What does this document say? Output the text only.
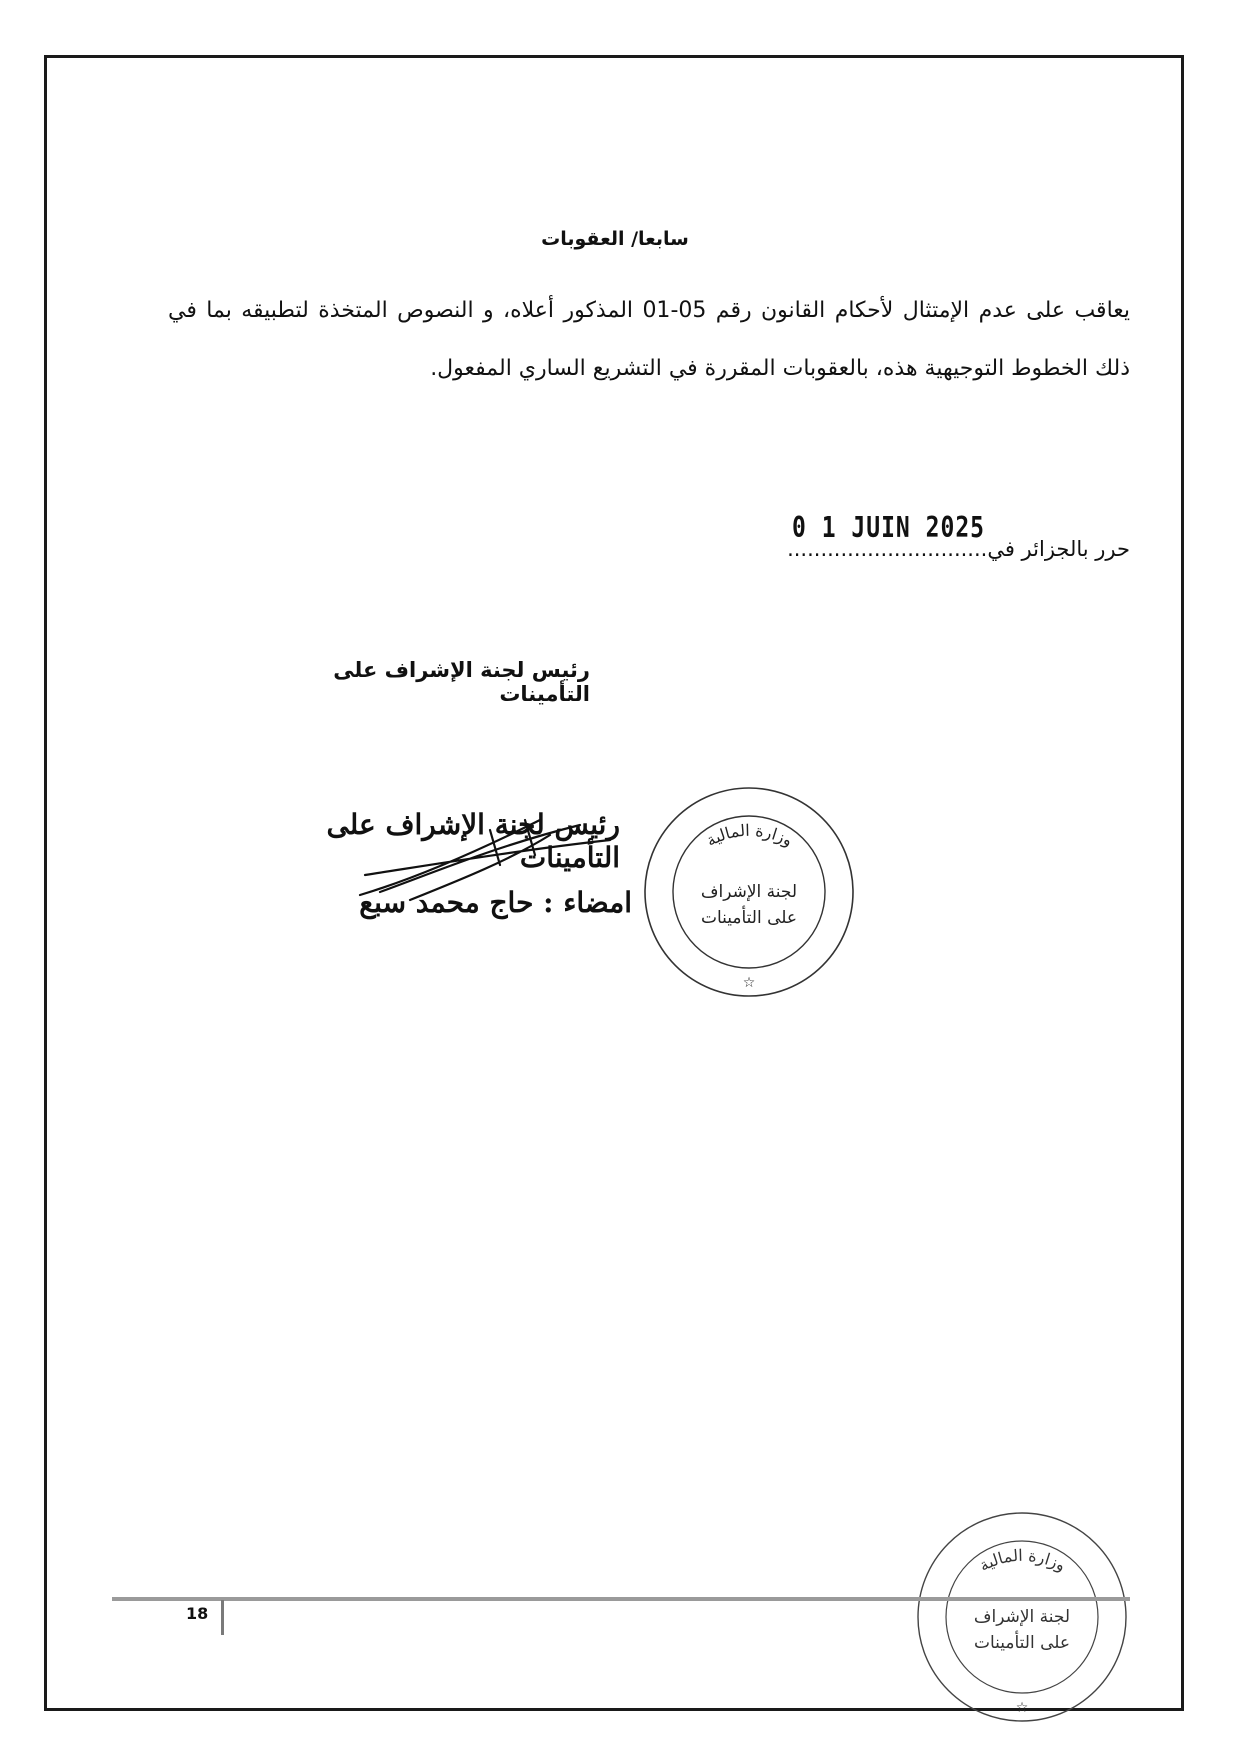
سابعا/ العقوبات
يعاقب على عدم الإمتثال لأحكام القانون رقم 05-01 المذكور أعلاه، و النصوص المتخذة لتطبيقه بما في ذلك الخطوط التوجيهية هذه، بالعقوبات المقررة في التشريع الساري المفعول.
0 1 JUIN 2025
حرر بالجزائر في..............................
رئيس لجنة الإشراف على التأمينات
رئيس لجنة الإشراف على التأمينات
امضاء : حاج محمد سبع
وزارة المالية
لجنة الإشراف
على التأمينات
☆
وزارة المالية
لجنة الإشراف
على التأمينات
☆
18
